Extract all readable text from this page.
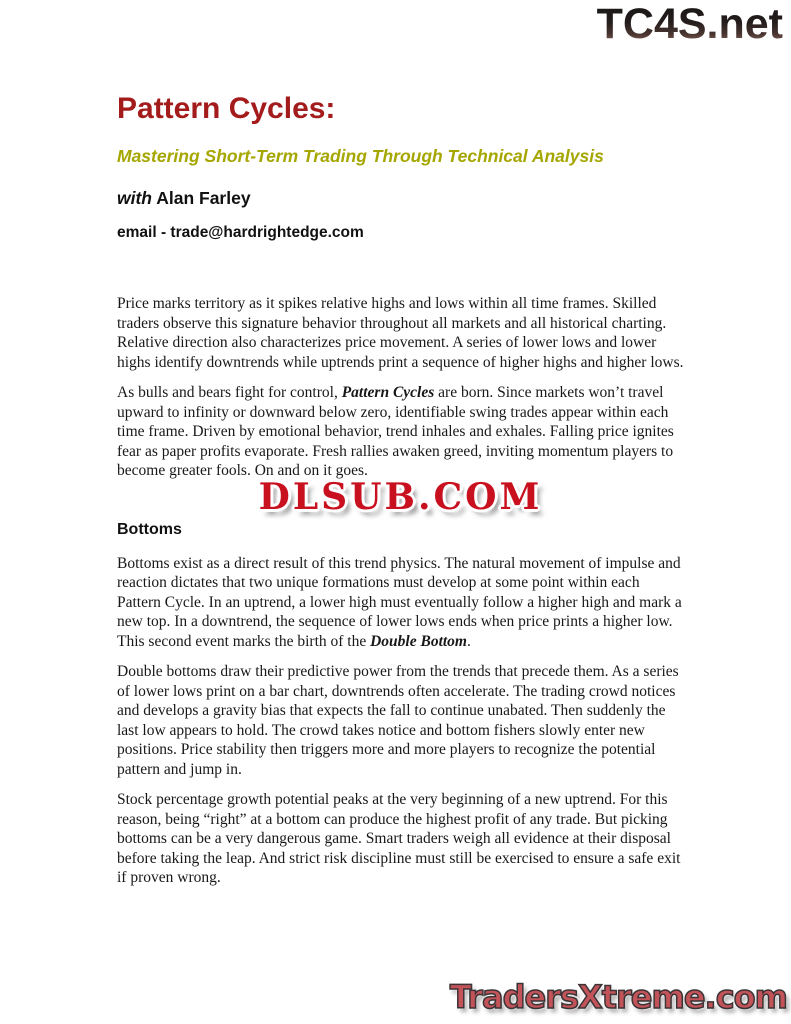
TC4S.net
Pattern Cycles:
Mastering Short-Term Trading Through Technical Analysis
with Alan Farley
email - trade@hardrightedge.com

Price marks territory as it spikes relative highs and lows within all time frames. Skilled traders observe this signature behavior throughout all markets and all historical charting. Relative direction also characterizes price movement. A series of lower lows and lower highs identify downtrends while uptrends print a sequence of higher highs and higher lows.

As bulls and bears fight for control, Pattern Cycles are born. Since markets won’t travel upward to infinity or downward below zero, identifiable swing trades appear within each time frame. Driven by emotional behavior, trend inhales and exhales. Falling price ignites fear as paper profits evaporate. Fresh rallies awaken greed, inviting momentum players to become greater fools. On and on it goes.

DLSUB.COM
Bottoms

Bottoms exist as a direct result of this trend physics. The natural movement of impulse and reaction dictates that two unique formations must develop at some point within each Pattern Cycle. In an uptrend, a lower high must eventually follow a higher high and mark a new top. In a downtrend, the sequence of lower lows ends when price prints a higher low. This second event marks the birth of the Double Bottom.

Double bottoms draw their predictive power from the trends that precede them. As a series of lower lows print on a bar chart, downtrends often accelerate. The trading crowd notices and develops a gravity bias that expects the fall to continue unabated. Then suddenly the last low appears to hold. The crowd takes notice and bottom fishers slowly enter new positions. Price stability then triggers more and more players to recognize the potential pattern and jump in.

Stock percentage growth potential peaks at the very beginning of a new uptrend. For this reason, being “right” at a bottom can produce the highest profit of any trade. But picking bottoms can be a very dangerous game. Smart traders weigh all evidence at their disposal before taking the leap. And strict risk discipline must still be exercised to ensure a safe exit if proven wrong.

TradersXtreme.com
